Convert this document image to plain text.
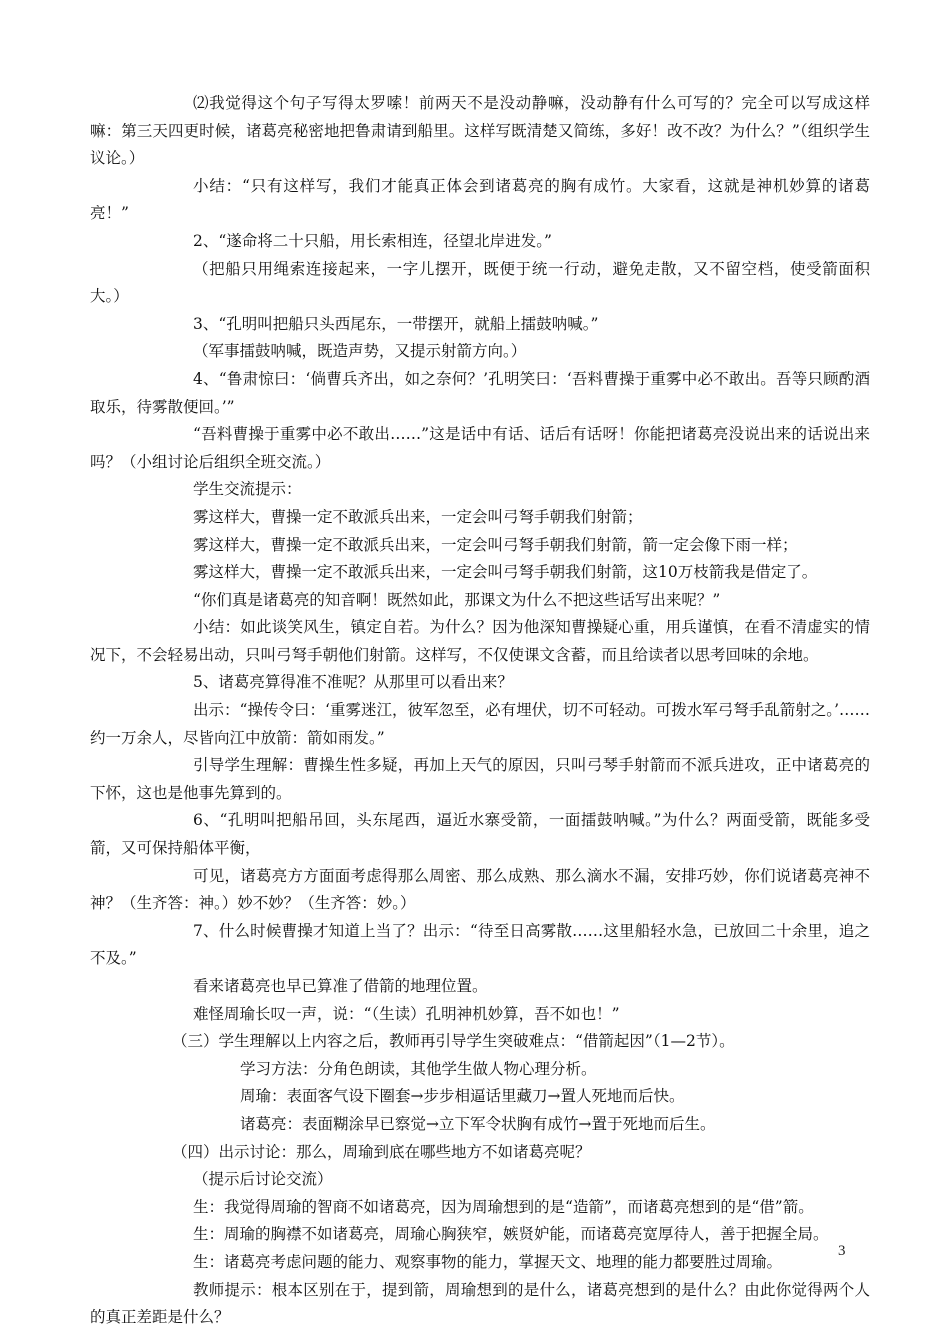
⑵我觉得这个句子写得太罗嗦！前两天不是没动静嘛，没动静有什么可写的？完全可以写成这样嘛：第三天四更时候，诸葛亮秘密地把鲁肃请到船里。这样写既清楚又简练，多好！改不改？为什么？”（组织学生议论。）

小结：“只有这样写，我们才能真正体会到诸葛亮的胸有成竹。大家看，这就是神机妙算的诸葛亮！”

2、“遂命将二十只船，用长索相连，径望北岸进发。”

（把船只用绳索连接起来，一字儿摆开，既便于统一行动，避免走散，又不留空档，使受箭面积大。）

3、“孔明叫把船只头西尾东，一带摆开，就船上擂鼓呐喊。”

（军事擂鼓呐喊，既造声势，又提示射箭方向。）

4、“鲁肃惊曰：‘倘曹兵齐出，如之奈何？’孔明笑曰：‘吾料曹操于重雾中必不敢出。吾等只顾酌酒取乐，待雾散便回。’”

“吾料曹操于重雾中必不敢出……”这是话中有话、话后有话呀！你能把诸葛亮没说出来的话说出来吗？（小组讨论后组织全班交流。）

学生交流提示：

雾这样大，曹操一定不敢派兵出来，一定会叫弓弩手朝我们射箭；

雾这样大，曹操一定不敢派兵出来，一定会叫弓弩手朝我们射箭，箭一定会像下雨一样；

雾这样大，曹操一定不敢派兵出来，一定会叫弓弩手朝我们射箭，这10万枝箭我是借定了。

“你们真是诸葛亮的知音啊！既然如此，那课文为什么不把这些话写出来呢？”

小结：如此谈笑风生，镇定自若。为什么？因为他深知曹操疑心重，用兵谨慎，在看不清虚实的情况下，不会轻易出动，只叫弓弩手朝他们射箭。这样写，不仅使课文含蓄，而且给读者以思考回味的余地。

5、诸葛亮算得准不准呢？从那里可以看出来？

出示：“操传令曰：‘重雾迷江，彼军忽至，必有埋伏，切不可轻动。可拨水军弓弩手乱箭射之。’……约一万余人，尽皆向江中放箭：箭如雨发。”

引导学生理解：曹操生性多疑，再加上天气的原因，只叫弓琴手射箭而不派兵进攻，正中诸葛亮的下怀，这也是他事先算到的。

6、“孔明叫把船吊回，头东尾西，逼近水寨受箭，一面擂鼓呐喊。”为什么？两面受箭，既能多受箭，又可保持船体平衡，

可见，诸葛亮方方面面考虑得那么周密、那么成熟、那么滴水不漏，安排巧妙，你们说诸葛亮神不神？（生齐答：神。）妙不妙？（生齐答：妙。）

7、什么时候曹操才知道上当了？出示：“待至日高雾散……这里船轻水急，已放回二十余里，追之不及。”

看来诸葛亮也早已算准了借箭的地理位置。

难怪周瑜长叹一声，说：“（生读）孔明神机妙算，吾不如也！”

（三）学生理解以上内容之后，教师再引导学生突破难点：“借箭起因”（1—2节）。

学习方法：分角色朗读，其他学生做人物心理分析。

周瑜：表面客气设下圈套→步步相逼话里藏刀→置人死地而后快。

诸葛亮：表面糊涂早已察觉→立下军令状胸有成竹→置于死地而后生。

（四）出示讨论：那么，周瑜到底在哪些地方不如诸葛亮呢？

（提示后讨论交流）

生：我觉得周瑜的智商不如诸葛亮，因为周瑜想到的是“造箭”，而诸葛亮想到的是“借”箭。

生：周瑜的胸襟不如诸葛亮，周瑜心胸狭窄，嫉贤妒能，而诸葛亮宽厚待人，善于把握全局。

生：诸葛亮考虑问题的能力、观察事物的能力，掌握天文、地理的能力都要胜过周瑜。

教师提示：根本区别在于，提到箭，周瑜想到的是什么，诸葛亮想到的是什么？由此你觉得两个人的真正差距是什么？

3
